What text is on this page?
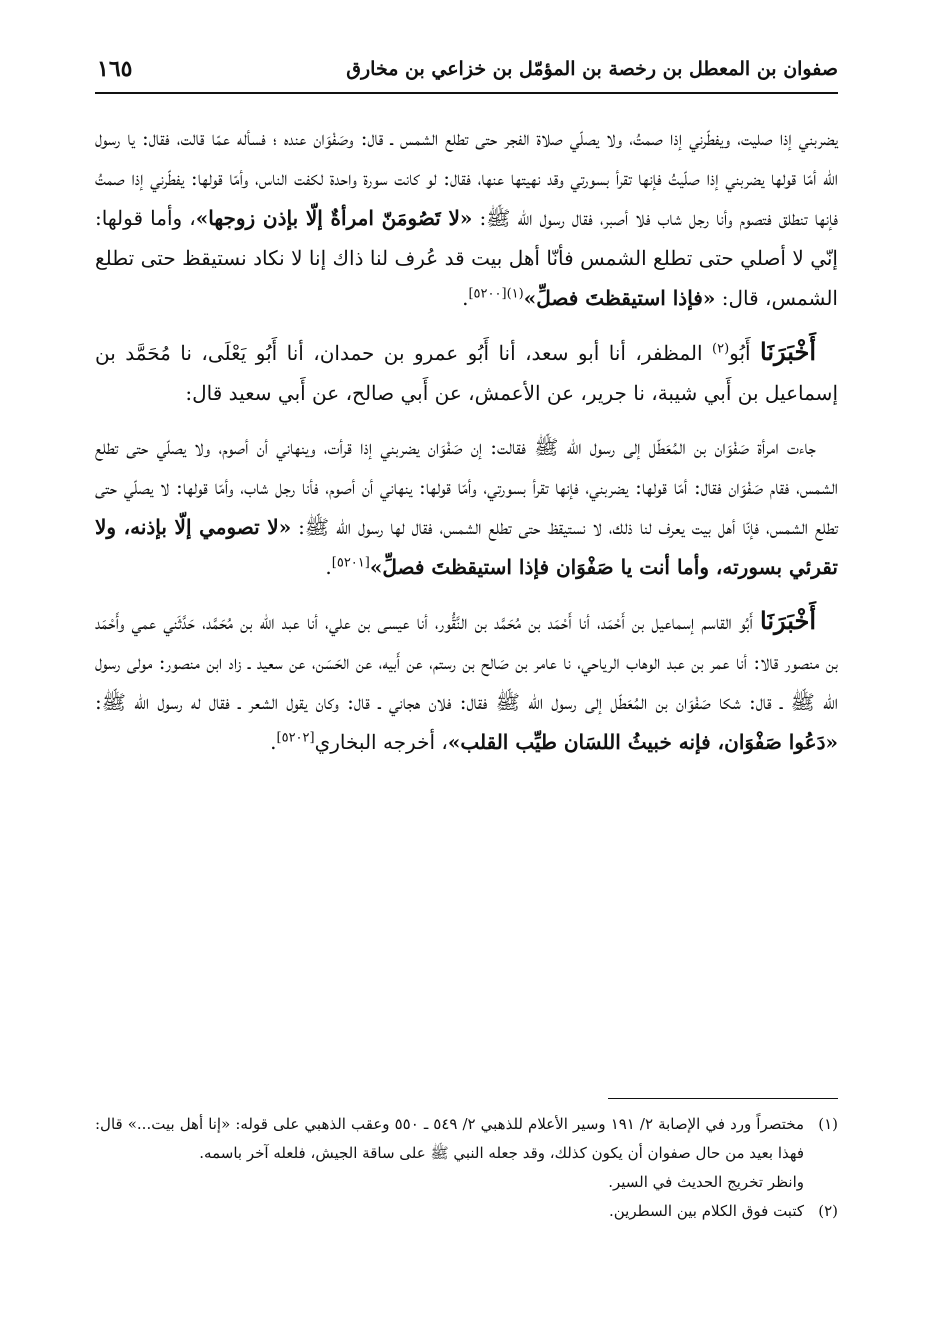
صفوان بن المعطل بن رخصة بن المؤمّل بن خزاعي بن مخارق
١٦٥

يضربني إذا صليت، ويفطّرني إذا صمتُ، ولا يصلّي صلاة الفجر حتى تطلع الشمس ـ قال: وصَفْوَان عنده ؛ فسأله عمّا قالت، فقال: يا رسول الله أمّا قولها يضربني إذا صلّيتُ فإنها تقرأ بسورتي وقد نهيتها عنها، فقال: لو كانت سورة واحدة لكفت الناس، وأمّا قولها: يفطّرني إذا صمتُ فإنها تنطلق فتصوم وأنا رجل شاب فلا أصبر، فقال رسول الله ﷺ: «لا تَصُومَنّ امرأةٌ إلّا بإذن زوجها»، وأما قولها: إنّي لا أصلي حتى تطلع الشمس فأنّا أهل بيت قد عُرف لنا ذاك إنا لا نكاد نستيقظ حتى تطلع الشمس، قال: «فإذا استيقظتَ فصلِّ»$^{(١)[٥٢٠٠]}$.

أَخْبَرَنَا أَبُو$^{(٢)}$ المظفر، أنا أبو سعد، أنا أَبُو عمرو بن حمدان، أنا أَبُو يَعْلَى، نا مُحَمَّد بن إسماعيل بن أَبي شيبة، نا جرير، عن الأعمش، عن أَبي صالح، عن أَبي سعيد قال:

جاءت امرأة صَفْوَان بن المُعَطّل إلى رسول الله ﷺ فقالت: إن صَفْوَان يضربني إذا قرأت، وينهاني أن أصوم، ولا يصلّي حتى تطلع الشمس، فقام صَفْوَان فقال: أمّا قولها: يضربني، فإنها تقرأ بسورتي، وأمّا قولها: ينهاني أن أصوم، فأنا رجل شاب، وأمّا قولها: لا يصلّي حتى تطلع الشمس، فإنّا أهل بيت يعرف لنا ذلك، لا نستيقظ حتى تطلع الشمس، فقال لها رسول الله ﷺ: «لا تصومي إلّا بإذنه، ولا تقرئي بسورته، وأما أنت يا صَفْوَان فإذا استيقظتَ فصلِّ»[٥٢٠١].

أَخْبَرَنَا أَبُو القاسم إسماعيل بن أَحْمَد، أنا أَحْمَد بن مُحَمَّد بن النَّقُّور، أنا عيسى بن علي، أنا عبد اللّه بن مُحَمَّد، حَدَّثَني عمي وأَحْمَد بن منصور قالا: أنا عمر بن عبد الوهاب الرياحي، نا عامر بن صَالح بن رستم، عن أَبيه، عن الحَسَن، عن سعيد ـ زاد ابن منصور: مولى رسول الله ﷺ ـ قال: شكا صَفْوَان بن المُعَطّل إلى رسول الله ﷺ فقال: فلان هجاني ـ قال: وكان يقول الشعر ـ فقال له رسول الله ﷺ: «دَعُوا صَفْوَان، فإنه خبيثُ اللسَان طيِّب القلب»، أخرجه البخاري[٥٢٠٢].

(١)
مختصراً ورد في الإصابة ٢/ ١٩١ وسير الأعلام للذهبي ٢/ ٥٤٩ ـ ٥٥٠ وعقب الذهبي على قوله: «إنا أهل بيت...» قال: فهذا بعيد من حال صفوان أن يكون كذلك، وقد جعله النبي ﷺ على ساقة الجيش، فلعله آخر باسمه.
وانظر تخريج الحديث في السير.
(٢)
كتبت فوق الكلام بين السطرين.
